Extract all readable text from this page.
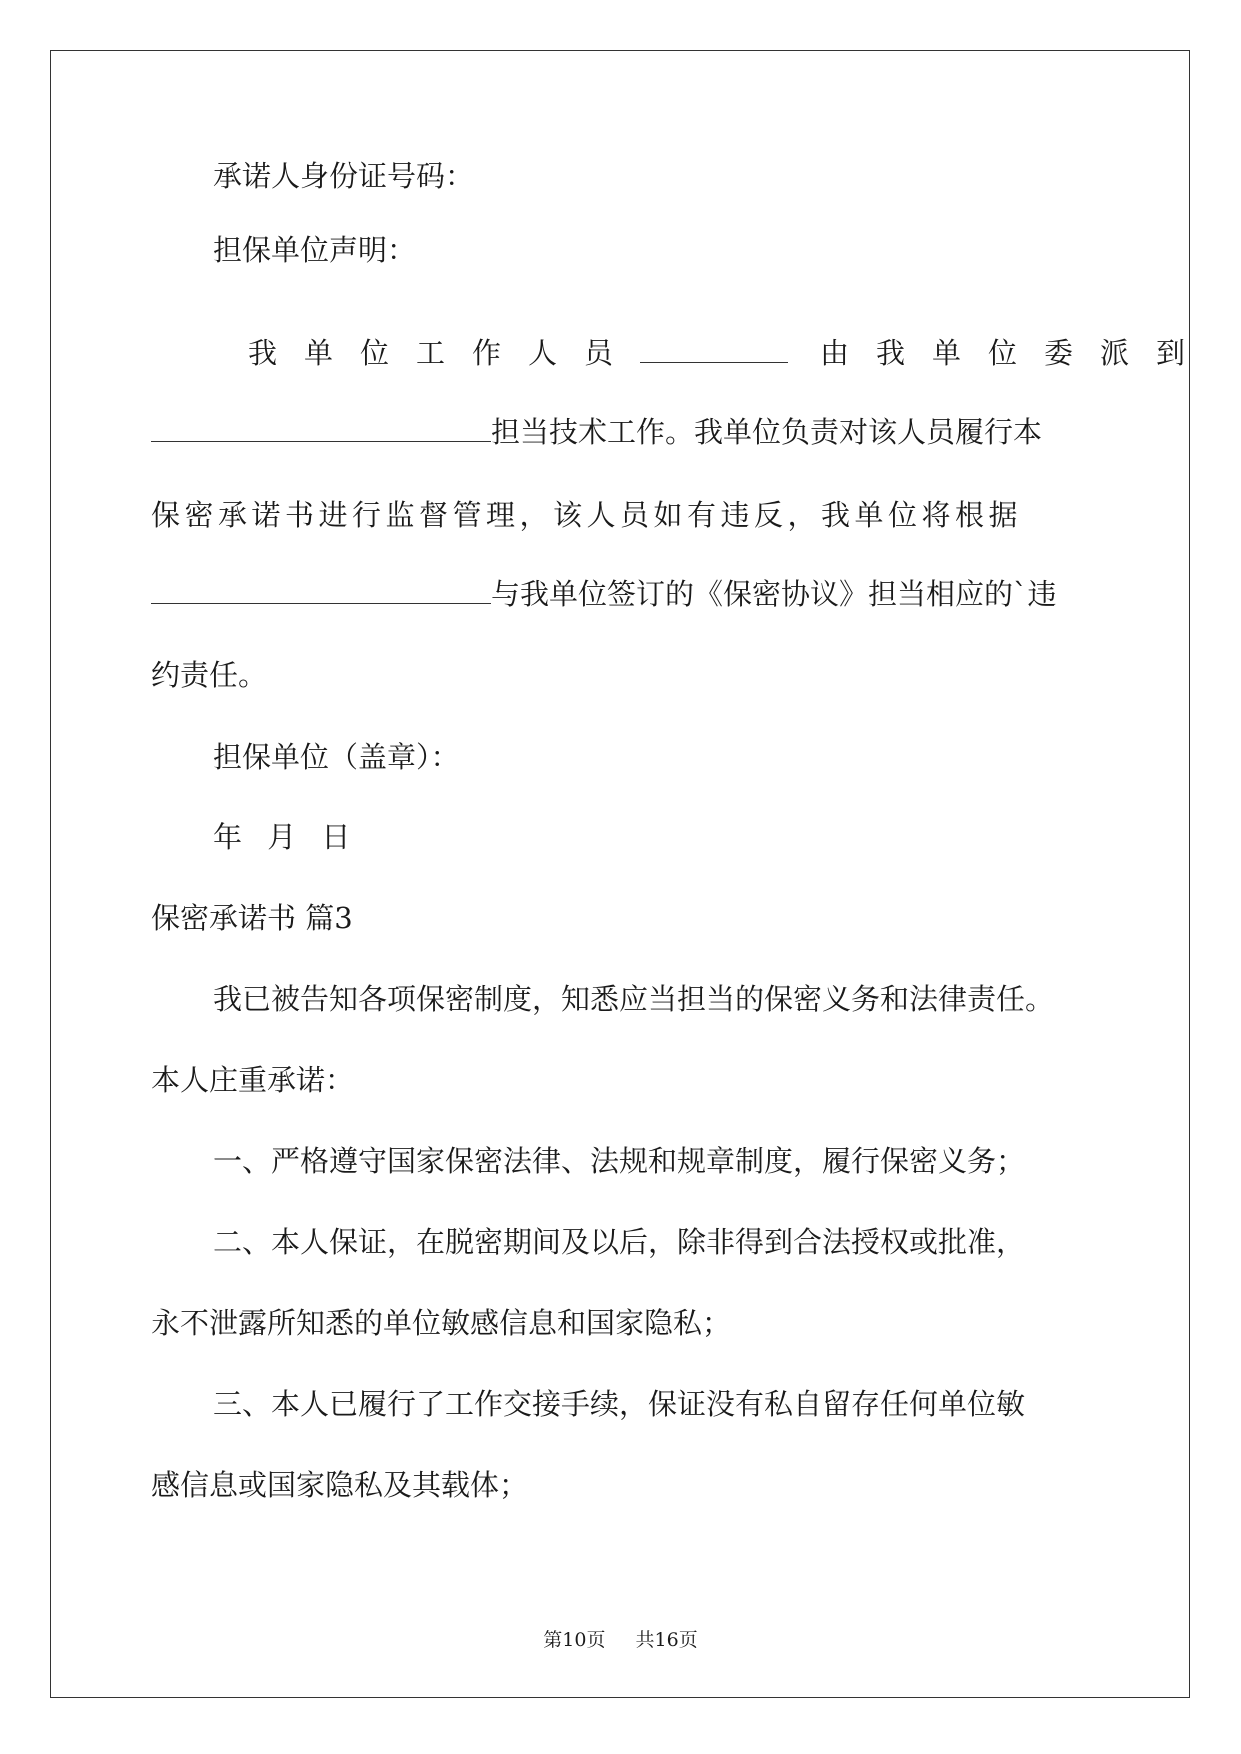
承诺人身份证号码：

担保单位声明：

我单位工作人员	由我单位委派到

担当技术工作。我单位负责对该人员履行本

保密承诺书进行监督管理，该人员如有违反，我单位将根据

与我单位签订的《保密协议》担当相应的`违

约责任。

担保单位（盖章）：

年 月 日

保密承诺书 篇3

我已被告知各项保密制度，知悉应当担当的保密义务和法律责任。

本人庄重承诺：

一、严格遵守国家保密法律、法规和规章制度，履行保密义务；

二、本人保证，在脱密期间及以后，除非得到合法授权或批准，

永不泄露所知悉的单位敏感信息和国家隐私；

三、本人已履行了工作交接手续，保证没有私自留存任何单位敏

感信息或国家隐私及其载体；

第10页 共16页
